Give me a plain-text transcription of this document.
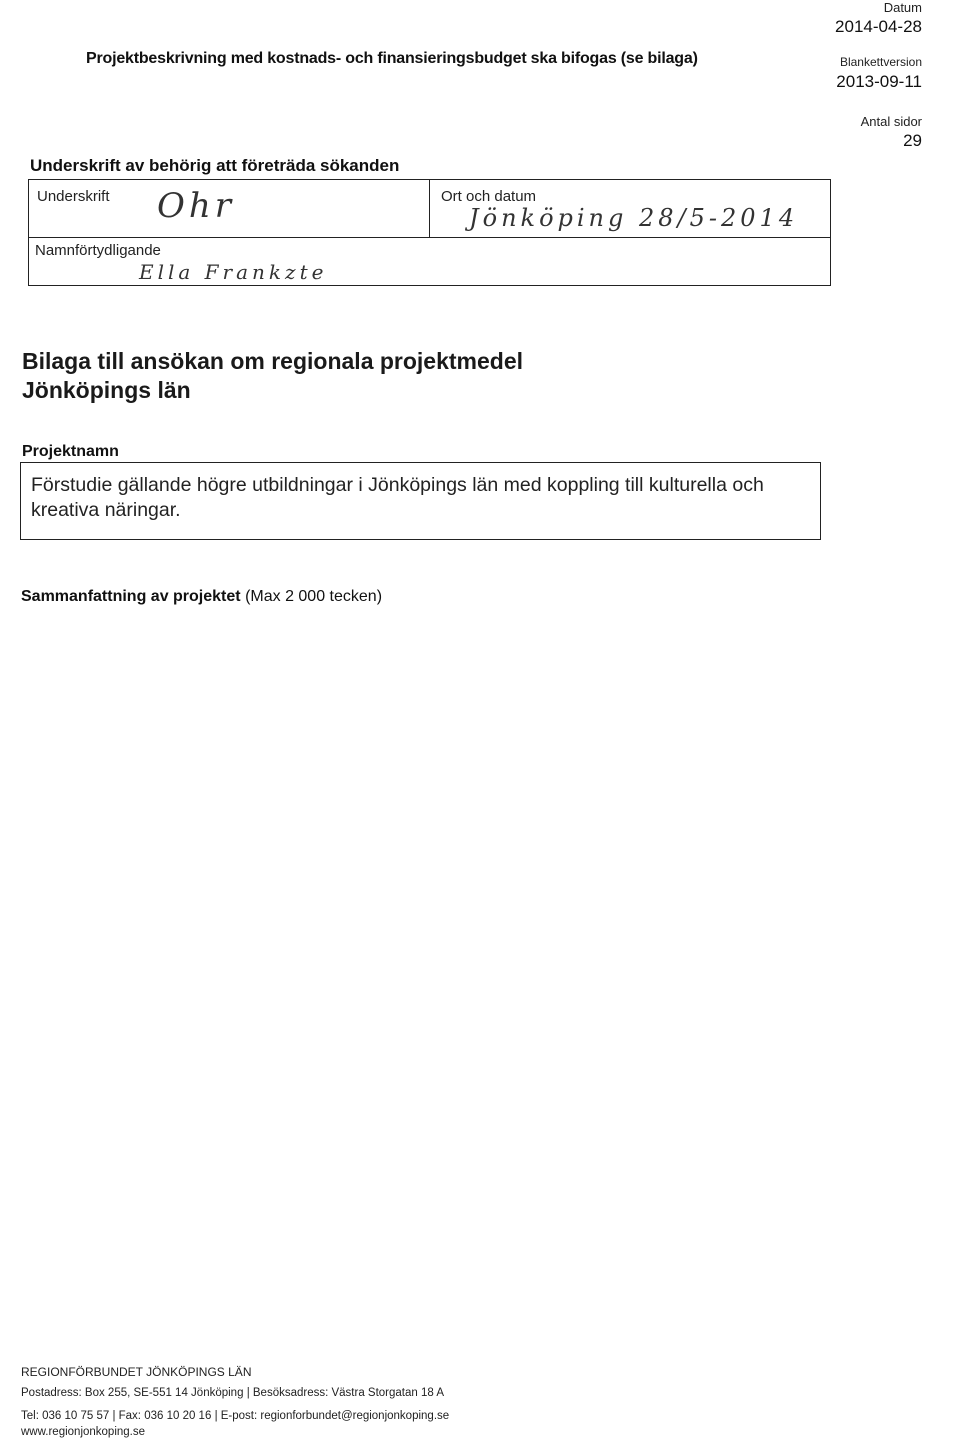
Datum
2014-04-28
Blankettversion
2013-09-11
Antal sidor
29
Projektbeskrivning med kostnads- och finansieringsbudget ska bifogas (se bilaga)
Underskrift av behörig att företräda sökanden
Underskrift	Ort och datum
Namnförtydligande
Ohr	Jönköping 28/5-2014
Ella Frankzte
Bilaga till ansökan om regionala projektmedel
Jönköpings län
Projektnamn
Förstudie gällande högre utbildningar i Jönköpings län med koppling till kulturella och kreativa näringar.
Sammanfattning av projektet (Max 2 000 tecken)
REGIONFÖRBUNDET JÖNKÖPINGS LÄN
Postadress: Box 255, SE-551 14 Jönköping | Besöksadress: Västra Storgatan 18 A
Tel: 036 10 75 57 | Fax: 036 10 20 16 | E-post: regionforbundet@regionjonkoping.se
www.regionjonkoping.se
